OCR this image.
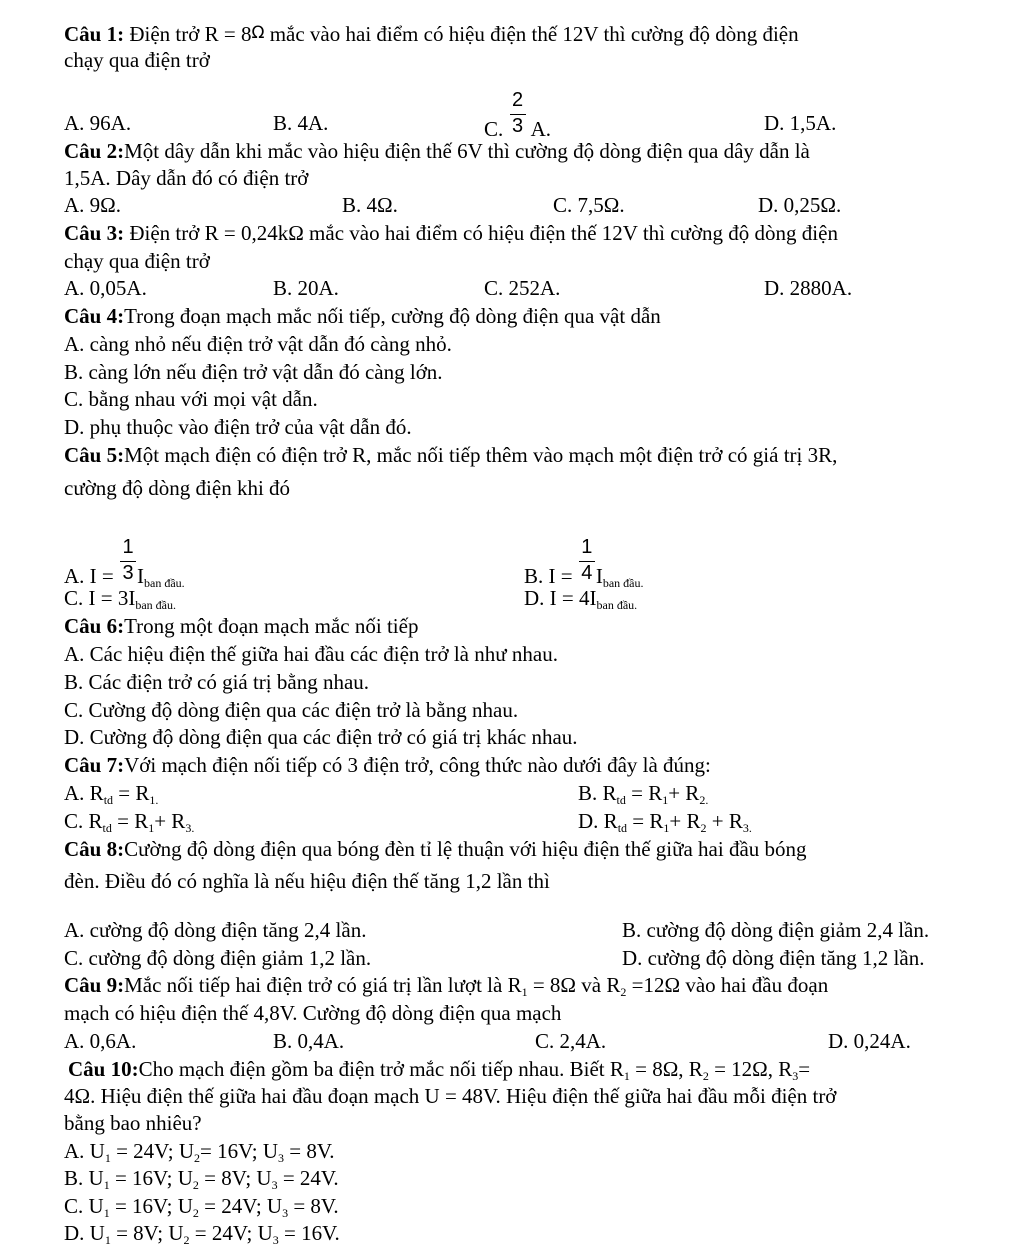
Câu 1: Điện trở R = 8Ω mắc vào hai điểm có hiệu điện thế 12V thì cường độ dòng điện
chạy qua điện trở
A. 96A.	B. 4A.	C. $\frac{2}{3} A$.	D. 1,5A.
Câu 2:Một dây dẫn khi mắc vào hiệu điện thế 6V thì cường độ dòng điện qua dây dẫn là
1,5A. Dây dẫn đó có điện trở
A. 9Ω.	B. 4Ω.	C. 7,5Ω.	D. 0,25Ω.
Câu 3: Điện trở R = 0,24kΩ mắc vào hai điểm có hiệu điện thế 12V thì cường độ dòng điện
chạy qua điện trở
A. 0,05A.	B. 20A.	C. 252A.	D. 2880A.
Câu 4:Trong đoạn mạch mắc nối tiếp, cường độ dòng điện qua vật dẫn
A. càng nhỏ nếu điện trở vật dẫn đó càng nhỏ.
B. càng lớn nếu điện trở vật dẫn đó càng lớn.
C. bằng nhau với mọi vật dẫn.
D. phụ thuộc vào điện trở của vật dẫn đó.
Câu 5:Một mạch điện có điện trở R, mắc nối tiếp thêm vào mạch một điện trở có giá trị 3R,
cường độ dòng điện khi đó
A. $I = \frac{1}{3} I_{ban đầu.}$	B. $I = \frac{1}{4} I_{ban đầu.}$
C. $I = 3I_{ban đầu.}$	D. $I = 4I_{ban đầu.}$
Câu 6:Trong một đoạn mạch mắc nối tiếp
A. Các hiệu điện thế giữa hai đầu các điện trở là như nhau.
B. Các điện trở có giá trị bằng nhau.
C. Cường độ dòng điện qua các điện trở là bằng nhau.
D. Cường độ dòng điện qua các điện trở có giá trị khác nhau.
Câu 7:Với mạch điện nối tiếp có 3 điện trở, công thức nào dưới đây là đúng:
A. $R_{td} = R_{1.}$	B. $R_{td} = R_1+ R_{2.}$
C. $R_{td} = R_1+ R_{3.}$	D. $R_{td} = R_1+ R_2 + R_{3.}$
Câu 8:Cường độ dòng điện qua bóng đèn tỉ lệ thuận với hiệu điện thế giữa hai đầu bóng
đèn. Điều đó có nghĩa là nếu hiệu điện thế tăng 1,2 lần thì
A. cường độ dòng điện tăng 2,4 lần.	B. cường độ dòng điện giảm 2,4 lần.
C. cường độ dòng điện giảm 1,2 lần.	D. cường độ dòng điện tăng 1,2 lần.
Câu 9:Mắc nối tiếp hai điện trở có giá trị lần lượt là $R_1 = 8\Omega$ và $R_2 =12\Omega$ vào hai đầu đoạn
mạch có hiệu điện thế 4,8V. Cường độ dòng điện qua mạch
A. 0,6A.	B. 0,4A.	C. 2,4A.	D. 0,24A.
Câu 10:Cho mạch điện gồm ba điện trở mắc nối tiếp nhau. Biết $R_1 = 8\Omega$, $R_2 = 12\Omega$, $R_3=$
4Ω. Hiệu điện thế giữa hai đầu đoạn mạch U = 48V. Hiệu điện thế giữa hai đầu mỗi điện trở
bằng bao nhiêu?
A. $U_1 = 24V$; $U_2= 16V$; $U_3 = 8V$.
B. $U_1 = 16V$; $U_2 = 8V$; $U_3 = 24V$.
C. $U_1 = 16V$; $U_2 = 24V$; $U_3 = 8V$.
D. $U_1 = 8V$; $U_2 = 24V$; $U_3 = 16V$.
